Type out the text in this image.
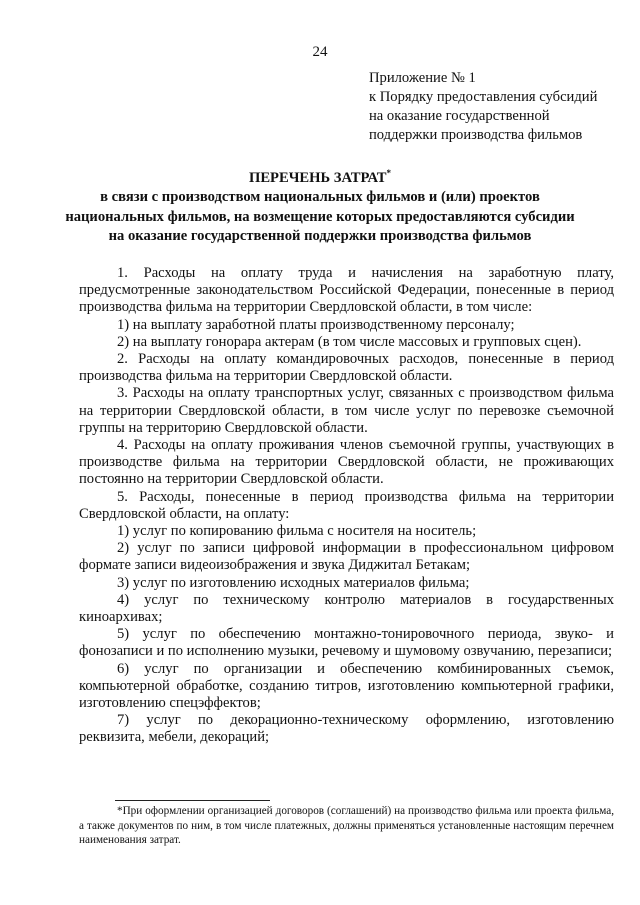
24
Приложение № 1
к Порядку предоставления субсидий
на оказание государственной
поддержки производства фильмов
ПЕРЕЧЕНЬ ЗАТРАТ*
в связи с производством национальных фильмов и (или) проектов национальных фильмов, на возмещение которых предоставляются субсидии на оказание государственной поддержки производства фильмов

1. Расходы на оплату труда и начисления на заработную плату, предусмотренные законодательством Российской Федерации, понесенные в период производства фильма на территории Свердловской области, в том числе:

1) на выплату заработной платы производственному персоналу;

2) на выплату гонорара актерам (в том числе массовых и групповых сцен).

2. Расходы на оплату командировочных расходов, понесенные в период производства фильма на территории Свердловской области.

3. Расходы на оплату транспортных услуг, связанных с производством фильма на территории Свердловской области, в том числе услуг по перевозке съемочной группы на территорию Свердловской области.

4. Расходы на оплату проживания членов съемочной группы, участвующих в производстве фильма на территории Свердловской области, не проживающих постоянно на территории Свердловской области.

5. Расходы, понесенные в период производства фильма на территории Свердловской области, на оплату:

1) услуг по копированию фильма с носителя на носитель;

2) услуг по записи цифровой информации в профессиональном цифровом формате записи видеоизображения и звука Диджитал Бетакам;

3) услуг по изготовлению исходных материалов фильма;

4) услуг по техническому контролю материалов в государственных киноархивах;

5) услуг по обеспечению монтажно-тонировочного периода, звуко- и фонозаписи и по исполнению музыки, речевому и шумовому озвучанию, перезаписи;

6) услуг по организации и обеспечению комбинированных съемок, компьютерной обработке, созданию титров, изготовлению компьютерной графики, изготовлению спецэффектов;

7) услуг по декорационно-техническому оформлению, изготовлению реквизита, мебели, декораций;

*При оформлении организацией договоров (соглашений) на производство фильма или проекта фильма, а также документов по ним, в том числе платежных, должны применяться установленные настоящим перечнем наименования затрат.
